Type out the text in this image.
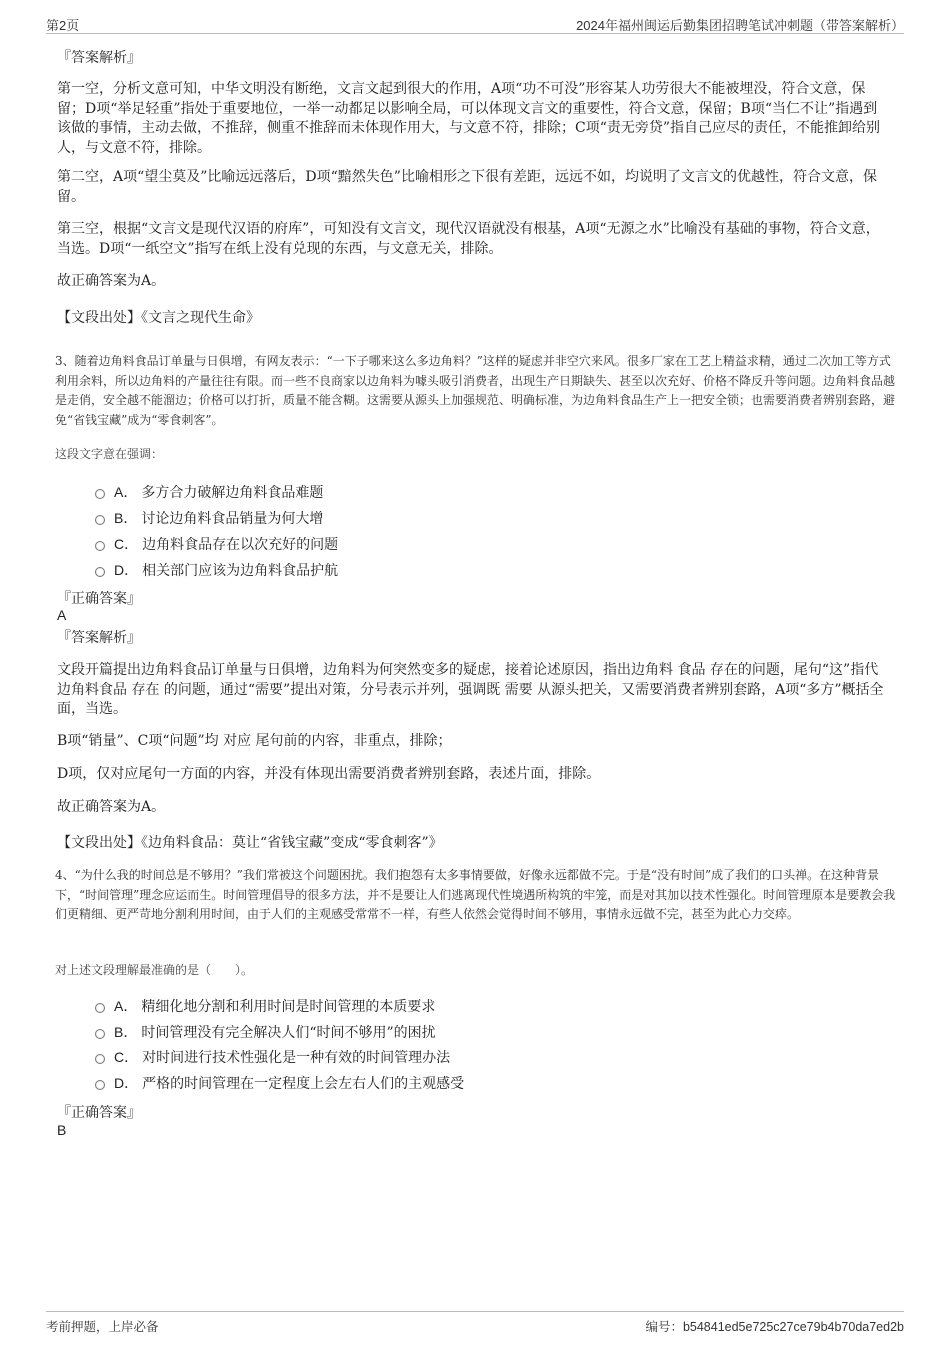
第2页	2024年福州闽运后勤集团招聘笔试冲刺题（带答案解析）
『答案解析』

第一空，分析文意可知，中华文明没有断绝，文言文起到很大的作用，A项“功不可没”形容某人功劳很大不能被埋没，符合文意，保留；D项“举足轻重”指处于重要地位，一举一动都足以影响全局，可以体现文言文的重要性，符合文意，保留；B项“当仁不让”指遇到该做的事情，主动去做，不推辞，侧重不推辞而未体现作用大，与文意不符，排除；C项“责无旁贷”指自己应尽的责任，不能推卸给别人，与文意不符，排除。

第二空，A项“望尘莫及”比喻远远落后，D项“黯然失色”比喻相形之下很有差距，远远不如，均说明了文言文的优越性，符合文意，保留。

第三空，根据“文言文是现代汉语的府库”，可知没有文言文，现代汉语就没有根基，A项“无源之水”比喻没有基础的事物，符合文意，当选。D项“一纸空文”指写在纸上没有兑现的东西，与文意无关，排除。

故正确答案为A。

【文段出处】《文言之现代生命》

3、随着边角料食品订单量与日俱增，有网友表示：“一下子哪来这么多边角料？”这样的疑虑并非空穴来风。很多厂家在工艺上精益求精，通过二次加工等方式利用余料，所以边角料的产量往往有限。而一些不良商家以边角料为噱头吸引消费者，出现生产日期缺失、甚至以次充好、价格不降反升等问题。边角料食品越是走俏，安全越不能溜边；价格可以打折，质量不能含糊。这需要从源头上加强规范、明确标准，为边角料食品生产上一把安全锁；也需要消费者辨别套路，避免“省钱宝藏”成为“零食刺客”。

这段文字意在强调：
A． 多方合力破解边角料食品难题
B． 讨论边角料食品销量为何大增
C． 边角料食品存在以次充好的问题
D． 相关部门应该为边角料食品护航
『正确答案』
A
『答案解析』

文段开篇提出边角料食品订单量与日俱增，边角料为何突然变多的疑虑，接着论述原因，指出边角料 食品 存在的问题，尾句“这”指代边角料食品 存在 的问题，通过“需要”提出对策，分号表示并列，强调既 需要 从源头把关，又需要消费者辨别套路，A项“多方”概括全面，当选。

B项“销量”、C项“问题”均 对应 尾句前的内容，非重点，排除；

D项，仅对应尾句一方面的内容，并没有体现出需要消费者辨别套路，表述片面，排除。

故正确答案为A。

【文段出处】《边角料食品：莫让“省钱宝藏”变成“零食刺客”》

4、“为什么我的时间总是不够用？”我们常被这个问题困扰。我们抱怨有太多事情要做，好像永远都做不完。于是“没有时间”成了我们的口头禅。在这种背景下，“时间管理”理念应运而生。时间管理倡导的很多方法，并不是要让人们逃离现代性境遇所构筑的牢笼，而是对其加以技术性强化。时间管理原本是要教会我们更精细、更严苛地分割利用时间，由于人们的主观感受常常不一样，有些人依然会觉得时间不够用，事情永远做不完，甚至为此心力交瘁。

对上述文段理解最准确的是（　　）。
A． 精细化地分割和利用时间是时间管理的本质要求
B． 时间管理没有完全解决人们“时间不够用”的困扰
C． 对时间进行技术性强化是一种有效的时间管理办法
D． 严格的时间管理在一定程度上会左右人们的主观感受
『正确答案』
B
考前押题，上岸必备	编号：b54841ed5e725c27ce79b4b70da7ed2b
